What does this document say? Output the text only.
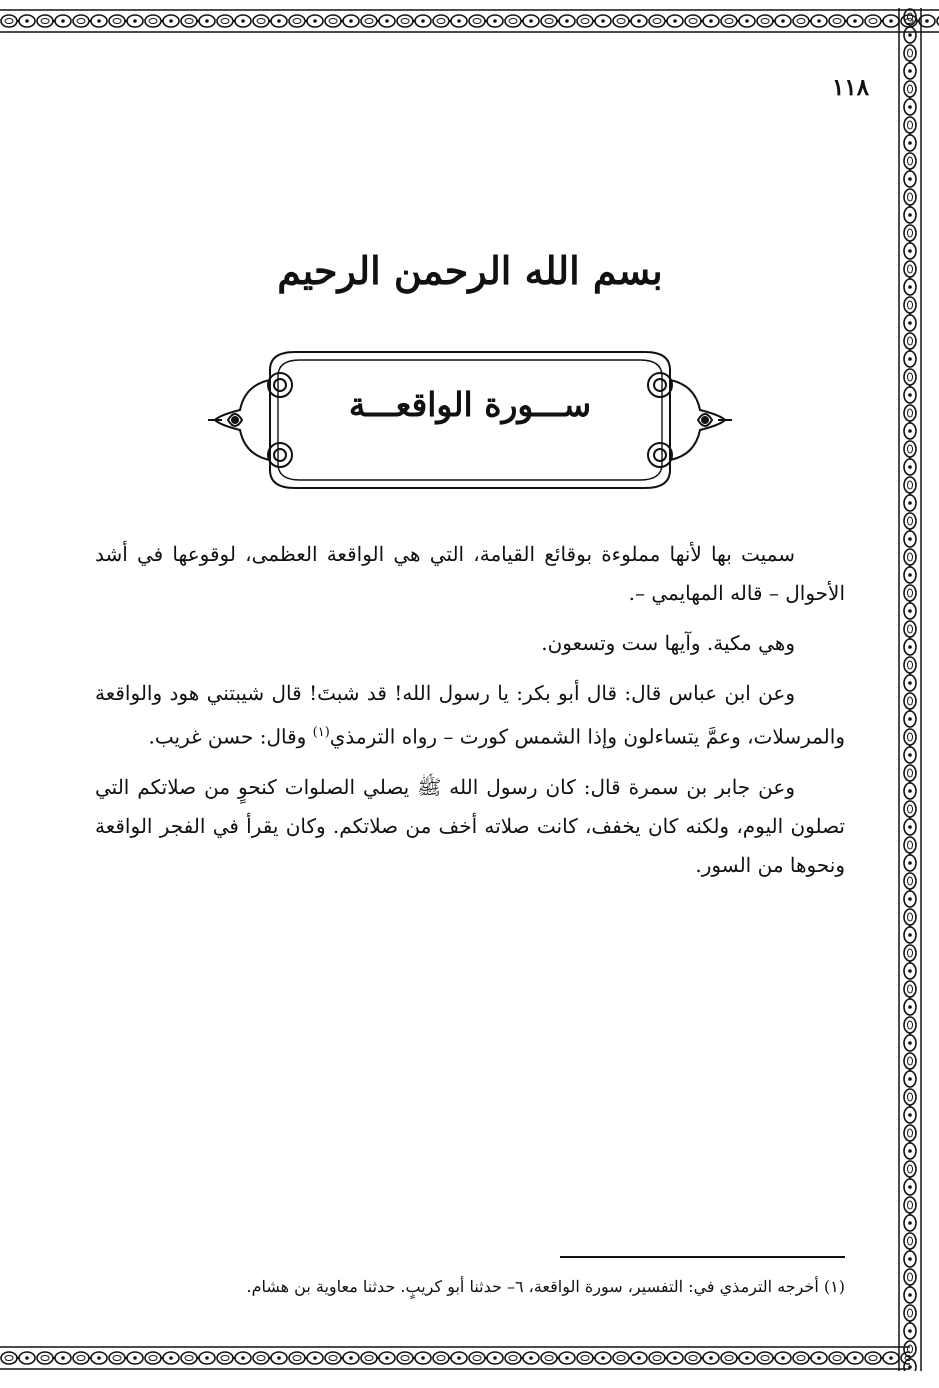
١١٨
بسم الله الرحمن الرحيم
ســـورة الواقعـــة

سميت بها لأنها مملوءة بوقائع القيامة، التي هي الواقعة العظمى، لوقوعها في أشد الأحوال – قاله المهايمي –.

وهي مكية. وآيها ست وتسعون.

وعن ابن عباس قال: قال أبو بكر: يا رسول الله! قد شبتَ! قال شيبتني هود والواقعة والمرسلات، وعمَّ يتساءلون وإذا الشمس كورت – رواه الترمذي$^{(١)}$ وقال: حسن غريب.

وعن جابر بن سمرة قال: كان رسول الله ﷺ يصلي الصلوات كنحوٍ من صلاتكم التي تصلون اليوم، ولكنه كان يخفف، كانت صلاته أخف من صلاتكم. وكان يقرأ في الفجر الواقعة ونحوها من السور.

(١) أخرجه الترمذي في: التفسير، سورة الواقعة، ٦– حدثنا أبو كريبٍ. حدثنا معاوية بن هشام.
